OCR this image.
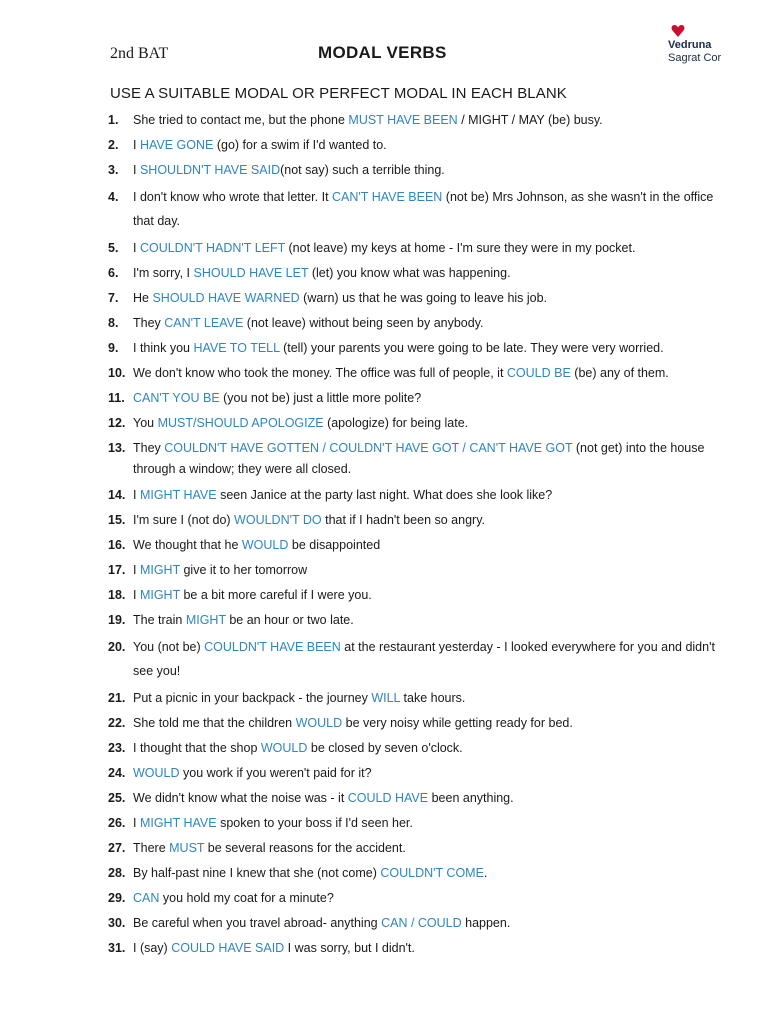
2nd BAT	MODAL VERBS	Vedruna
Sagrat Cor
USE A SUITABLE MODAL OR PERFECT MODAL IN EACH BLANK
1. She tried to contact me, but the phone MUST HAVE BEEN / MIGHT / MAY (be) busy.
2. I HAVE GONE (go) for a swim if I'd wanted to.
3. I SHOULDN'T HAVE SAID(not say) such a terrible thing.
4. I don't know who wrote that letter. It CAN'T HAVE BEEN (not be) Mrs Johnson, as she wasn't in the office that day.
5. I COULDN'T HADN'T LEFT (not leave) my keys at home - I'm sure they were in my pocket.
6. I'm sorry, I SHOULD HAVE LET (let) you know what was happening.
7. He SHOULD HAVE WARNED (warn) us that he was going to leave his job.
8. They CAN'T LEAVE (not leave) without being seen by anybody.
9. I think you HAVE TO TELL (tell) your parents you were going to be late. They were very worried.
10. We don't know who took the money. The office was full of people, it COULD BE (be) any of them.
11. CAN'T YOU BE (you not be) just a little more polite?
12. You MUST/SHOULD APOLOGIZE (apologize) for being late.
13. They COULDN'T HAVE GOTTEN / COULDN'T HAVE GOT / CAN'T HAVE GOT (not get) into the house through a window; they were all closed.
14. I MIGHT HAVE seen Janice at the party last night. What does she look like?
15. I'm sure I (not do) WOULDN'T DO that if I hadn't been so angry.
16. We thought that he WOULD be disappointed
17. I MIGHT give it to her tomorrow
18. I MIGHT be a bit more careful if I were you.
19. The train MIGHT be an hour or two late.
20. You (not be) COULDN'T HAVE BEEN at the restaurant yesterday - I looked everywhere for you and didn't see you!
21. Put a picnic in your backpack - the journey WILL take hours.
22. She told me that the children WOULD be very noisy while getting ready for bed.
23. I thought that the shop WOULD be closed by seven o'clock.
24. WOULD you work if you weren't paid for it?
25. We didn't know what the noise was - it COULD HAVE been anything.
26. I MIGHT HAVE spoken to your boss if I'd seen her.
27. There MUST be several reasons for the accident.
28. By half-past nine I knew that she (not come) COULDN'T COME.
29. CAN you hold my coat for a minute?
30. Be careful when you travel abroad- anything CAN / COULD happen.
31. I (say) COULD HAVE SAID I was sorry, but I didn't.
